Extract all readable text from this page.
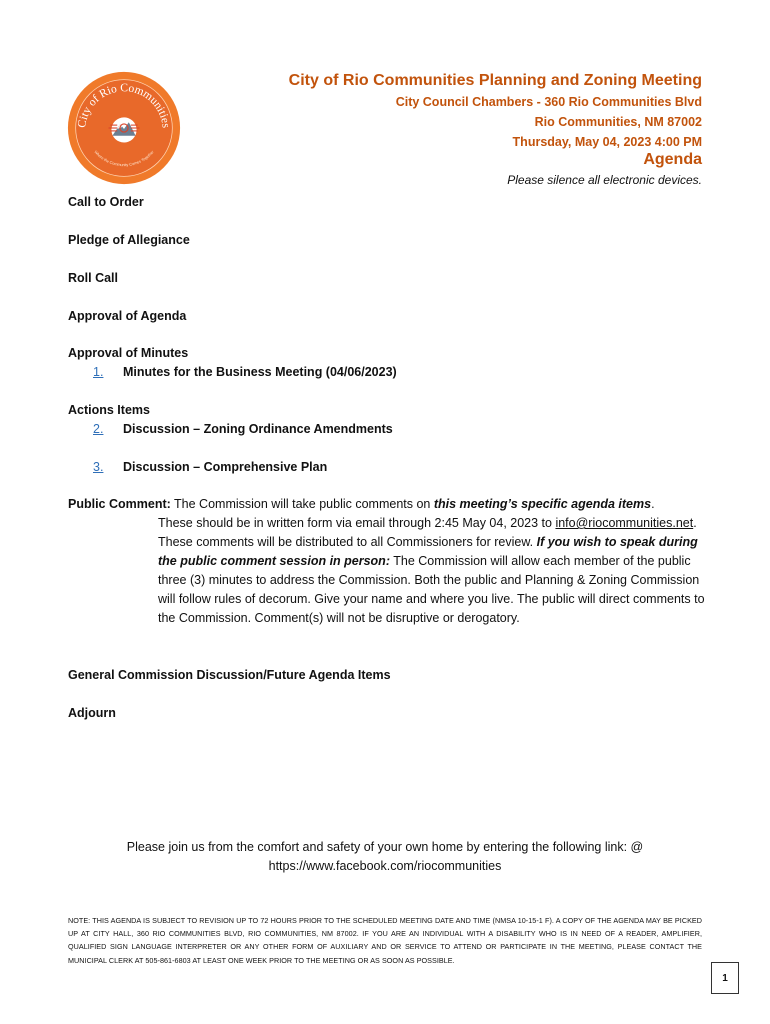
City of Rio Communities
Where the Community Comes Together
City of Rio Communities Planning and Zoning Meeting
City Council Chambers - 360 Rio Communities Blvd
Rio Communities, NM 87002
Thursday, May 04, 2023 4:00 PM
Agenda
Please silence all electronic devices.
Call to Order
Pledge of Allegiance
Roll Call
Approval of Agenda
Approval of Minutes
1. Minutes for the Business Meeting (04/06/2023)
Actions Items
2. Discussion – Zoning Ordinance Amendments
3. Discussion – Comprehensive Plan
Public Comment: The Commission will take public comments on this meeting’s specific agenda items.
These should be in written form via email through 2:45 May 04, 2023 to info@riocommunities.net. These comments will be distributed to all Commissioners for review. If you wish to speak during the public comment session in person: The Commission will allow each member of the public three (3) minutes to address the Commission. Both the public and Planning & Zoning Commission will follow rules of decorum. Give your name and where you live. The public will direct comments to the Commission. Comment(s) will not be disruptive or derogatory.
General Commission Discussion/Future Agenda Items
Adjourn
Please join us from the comfort and safety of your own home by entering the following link: @
https://www.facebook.com/riocommunities
NOTE: THIS AGENDA IS SUBJECT TO REVISION UP TO 72 HOURS PRIOR TO THE SCHEDULED MEETING DATE AND TIME (NMSA 10-15-1 F). A COPY OF THE AGENDA MAY BE PICKED UP AT CITY HALL, 360 RIO COMMUNITIES BLVD, RIO COMMUNITIES, NM 87002. IF YOU ARE AN INDIVIDUAL WITH A DISABILITY WHO IS IN NEED OF A READER, AMPLIFIER, QUALIFIED SIGN LANGUAGE INTERPRETER OR ANY OTHER FORM OF AUXILIARY AND OR SERVICE TO ATTEND OR PARTICIPATE IN THE MEETING, PLEASE CONTACT THE MUNICIPAL CLERK AT 505-861-6803 AT LEAST ONE WEEK PRIOR TO THE MEETING OR AS SOON AS POSSIBLE.
1
